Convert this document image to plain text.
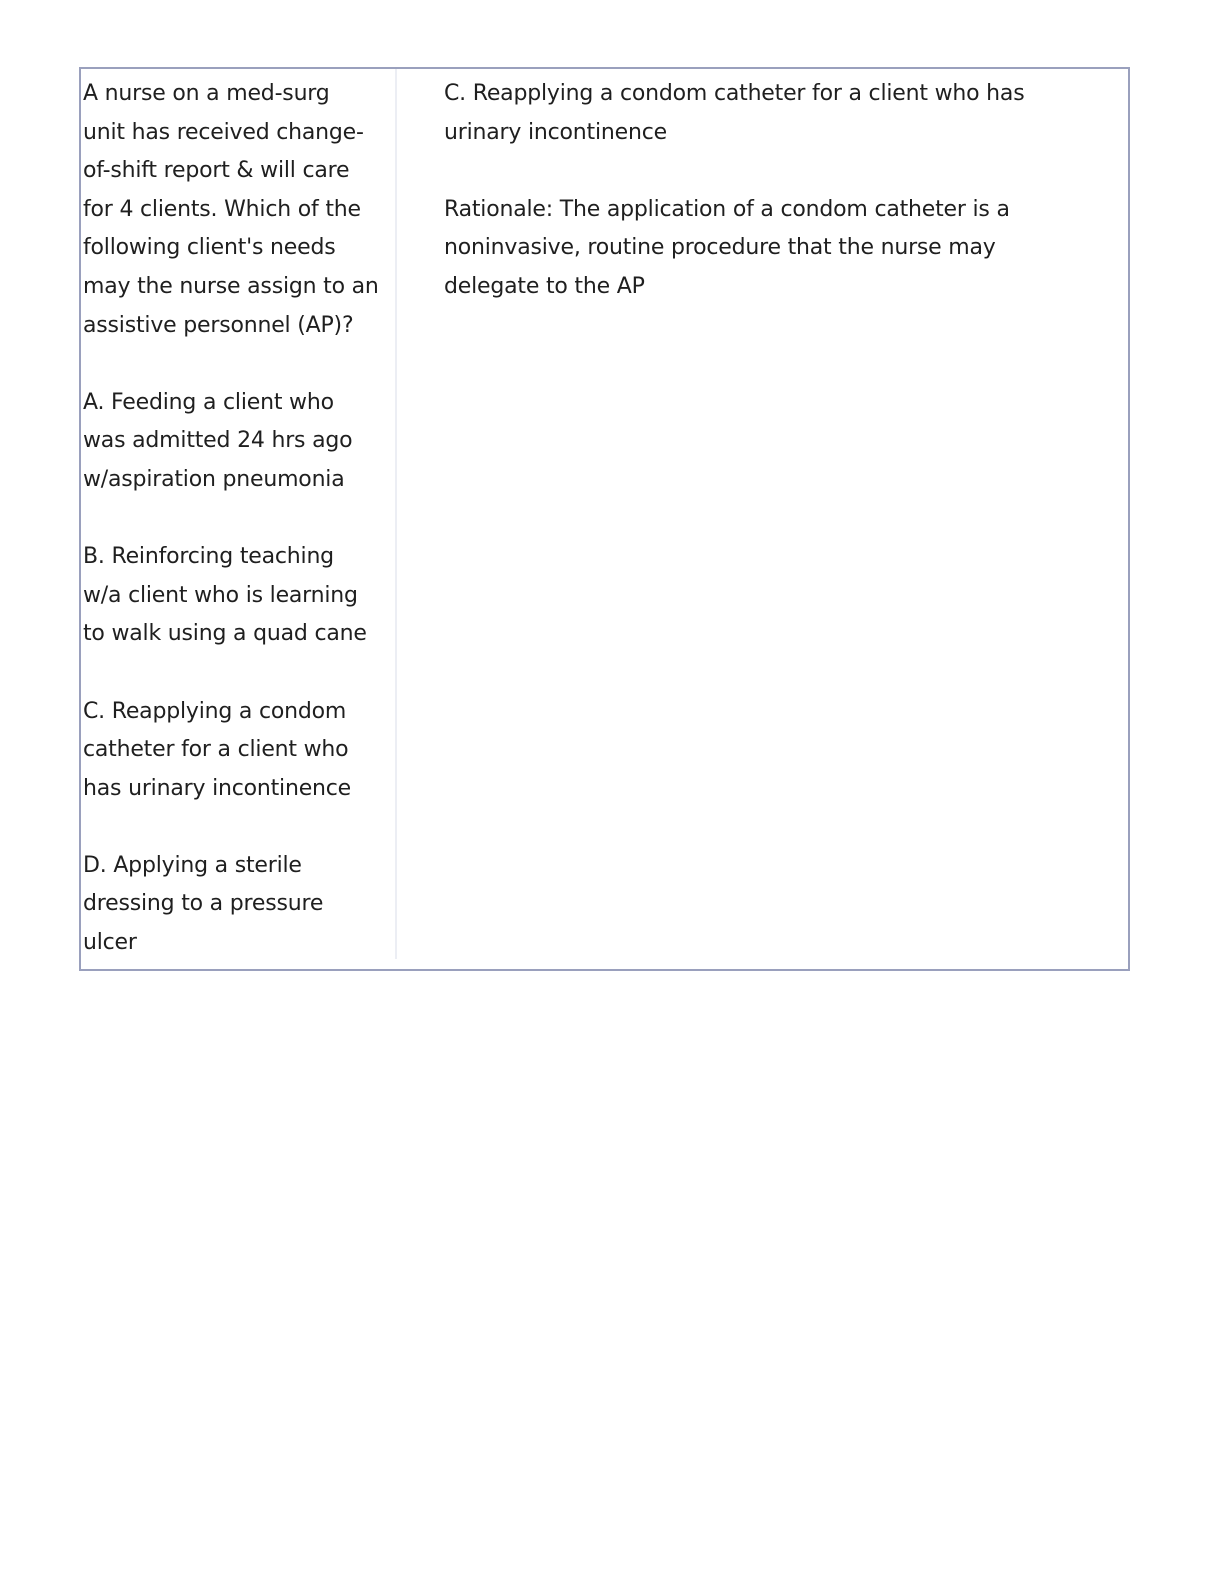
A nurse on a med-surg
unit has received change-
of-shift report & will care
for 4 clients. Which of the
following client's needs
may the nurse assign to an
assistive personnel (AP)?
A. Feeding a client who
was admitted 24 hrs ago
w/aspiration pneumonia
B. Reinforcing teaching
w/a client who is learning
to walk using a quad cane
C. Reapplying a condom
catheter for a client who
has urinary incontinence
D. Applying a sterile
dressing to a pressure
ulcer
C. Reapplying a condom catheter for a client who has
urinary incontinence
Rationale: The application of a condom catheter is a
noninvasive, routine procedure that the nurse may
delegate to the AP
